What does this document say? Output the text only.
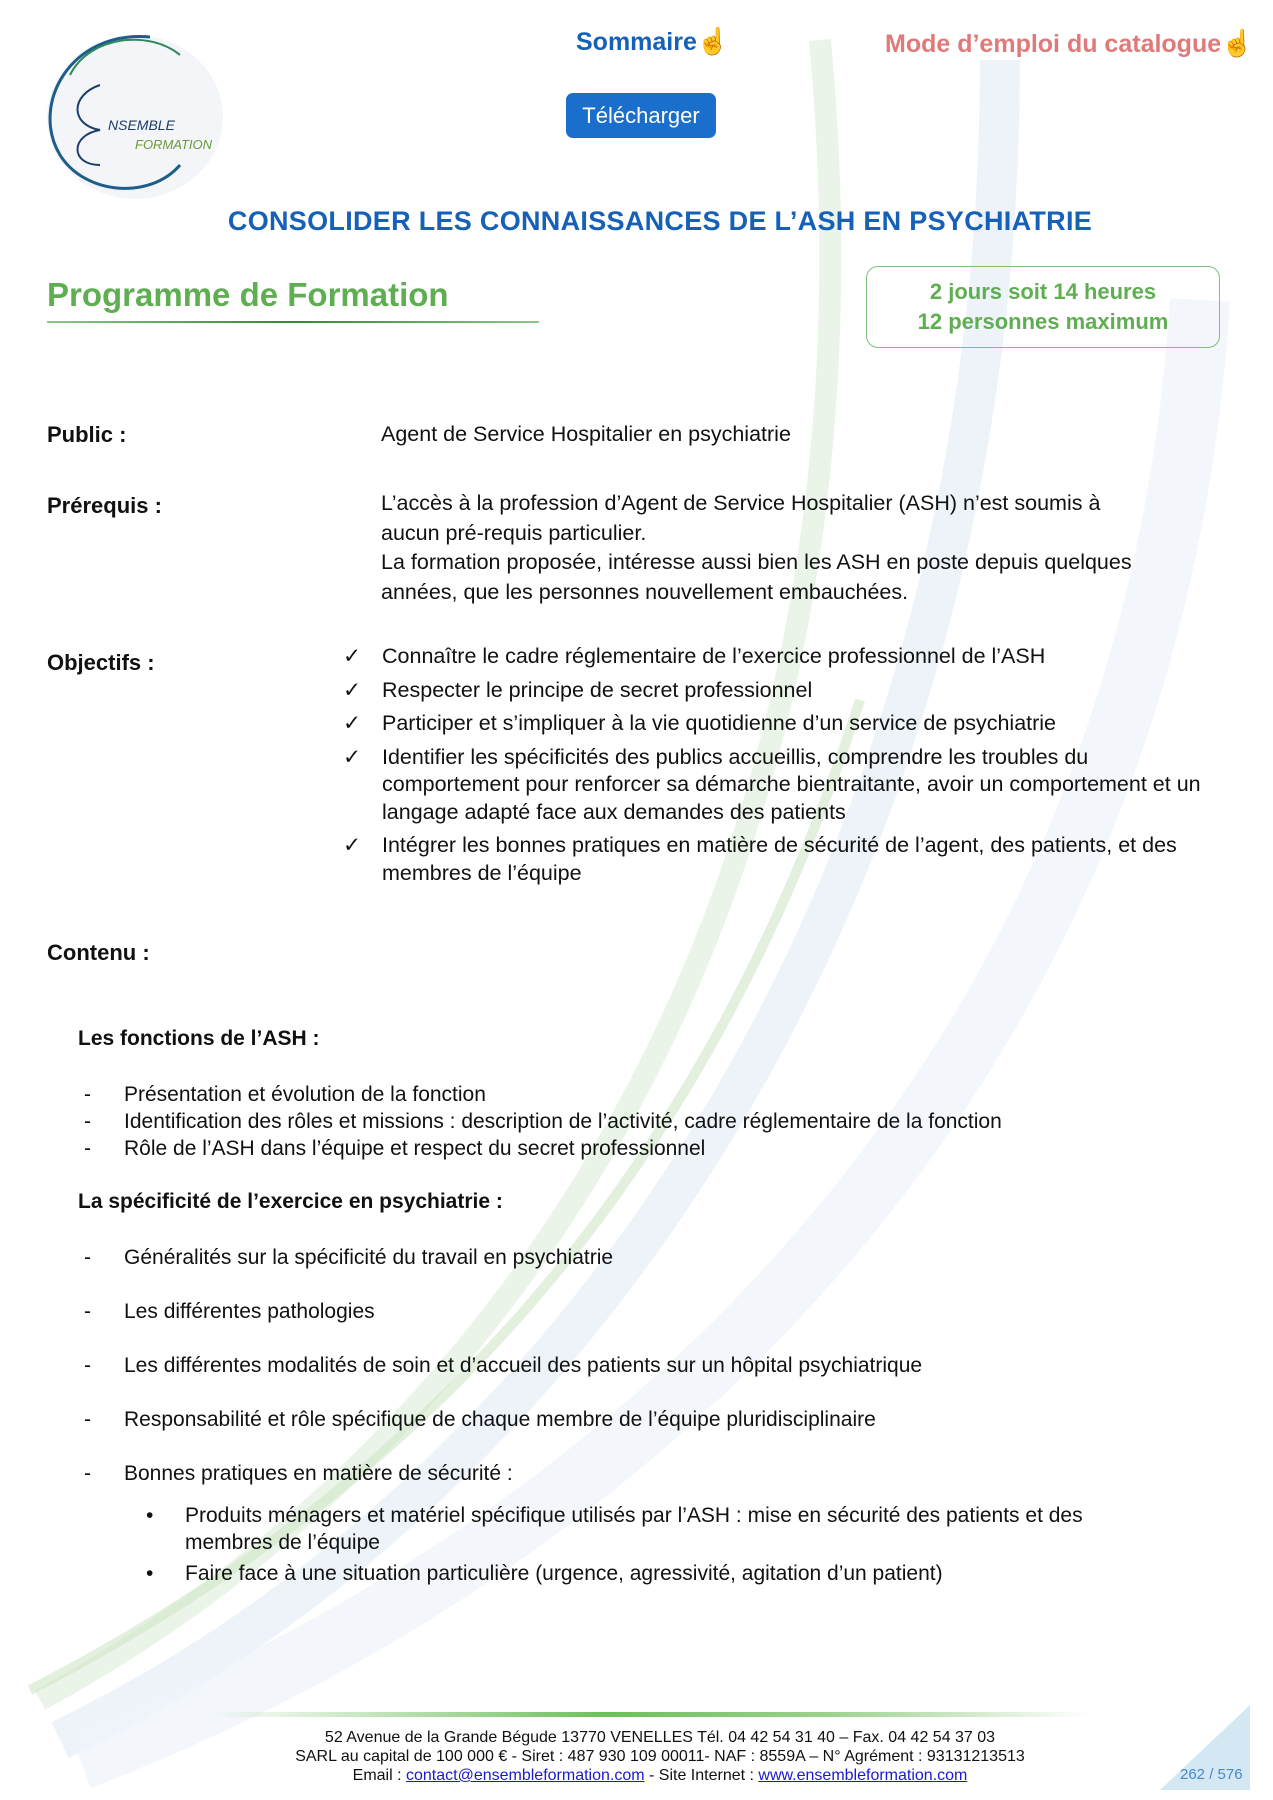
NSEMBLE
FORMATION
Sommaire☝	Mode d’emploi du catalogue☝
Télécharger
CONSOLIDER LES CONNAISSANCES DE L’ASH EN PSYCHIATRIE
Programme de Formation	2 jours soit 14 heures
12 personnes maximum
Public :	Agent de Service Hospitalier en psychiatrie
Prérequis :	L’accès à la profession d’Agent de Service Hospitalier (ASH) n’est soumis à
aucun pré-requis particulier.
La formation proposée, intéresse aussi bien les ASH en poste depuis quelques
années, que les personnes nouvellement embauchées.
Objectifs :	✓ Connaître le cadre réglementaire de l’exercice professionnel de l’ASH
✓ Respecter le principe de secret professionnel
✓ Participer et s’impliquer à la vie quotidienne d’un service de psychiatrie
✓ Identifier les spécificités des publics accueillis, comprendre les troubles du comportement pour renforcer sa démarche bientraitante, avoir un comportement et un langage adapté face aux demandes des patients
✓ Intégrer les bonnes pratiques en matière de sécurité de l’agent, des patients, et des membres de l’équipe
Contenu :
Les fonctions de l’ASH :
- Présentation et évolution de la fonction
- Identification des rôles et missions : description de l’activité, cadre réglementaire de la fonction
- Rôle de l’ASH dans l’équipe et respect du secret professionnel
La spécificité de l’exercice en psychiatrie :
- Généralités sur la spécificité du travail en psychiatrie
- Les différentes pathologies
- Les différentes modalités de soin et d’accueil des patients sur un hôpital psychiatrique
- Responsabilité et rôle spécifique de chaque membre de l’équipe pluridisciplinaire
- Bonnes pratiques en matière de sécurité :
•	Produits ménagers et matériel spécifique utilisés par l’ASH : mise en sécurité des patients et des membres de l’équipe
•	Faire face à une situation particulière (urgence, agressivité, agitation d’un patient)
52 Avenue de la Grande Bégude 13770 VENELLES Tél. 04 42 54 31 40 – Fax. 04 42 54 37 03
SARL au capital de 100 000 € - Siret : 487 930 109 00011- NAF : 8559A – N° Agrément : 93131213513
Email : contact@ensembleformation.com - Site Internet : www.ensembleformation.com	262 / 576
